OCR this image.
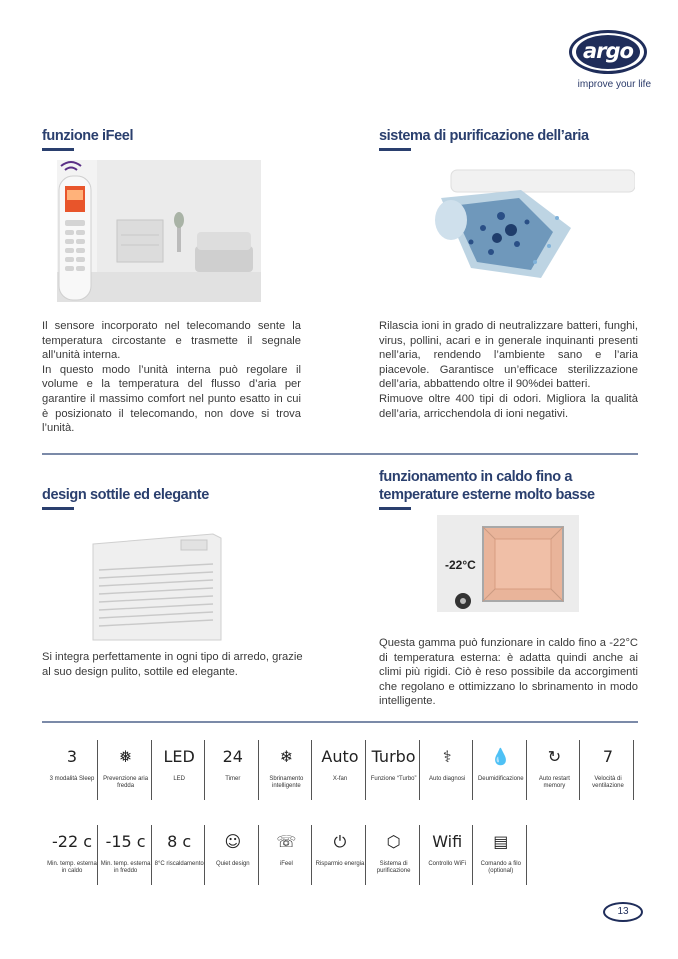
argo
improve your life
funzione iFeel

Il sensore incorporato nel telecomando sente la temperatura circostante e trasmette il segnale all’unità interna.
In questo modo l’unità interna può regolare il volume e la temperatura del flusso d’aria per garantire il massimo comfort nel punto esatto in cui è posizionato il telecomando, non dove si trova l’unità.

sistema di purificazione dell’aria

Rilascia ioni in grado di neutralizzare batteri, funghi, virus, pollini, acari e in generale inquinanti presenti nell’aria, rendendo l’ambiente sano e l’aria piacevole. Garantisce un’efficace sterilizzazione dell’aria, abbattendo oltre il 90%dei batteri.
Rimuove oltre 400 tipi di odori. Migliora la qualità dell’aria, arricchendola di ioni negativi.

design sottile ed elegante

Si integra perfettamente in ogni tipo di arredo, grazie al suo design pulito, sottile ed elegante.

funzionamento in caldo fino a
temperature esterne molto basse
-22°C

Questa gamma può funzionare in caldo fino a -22°C di temperatura esterna: è adatta quindi anche ai climi più rigidi. Ciò è reso possibile da accorgimenti che regolano e ottimizzano lo sbrinamento in modo intelligente.

3
3 modalità Sleep
❅
Prevenzione aria fredda
LED
LED
24
Timer
❄
Sbrinamento intelligente
Auto
X-fan
Turbo
Funzione “Turbo”
⚕
Auto diagnosi
💧
Deumidificazione
↻
Auto restart memory
7
Velocità di ventilazione
-22 c
Min. temp. esterna in caldo
-15 c
Min. temp. esterna in freddo
8 c
8°C riscaldamento
☺
Quiet design
☏
iFeel
⏻
Risparmio energia
⬡
Sistema di purificazione
Wifi
Controllo WiFi
▤
Comando a filo (optional)
13
